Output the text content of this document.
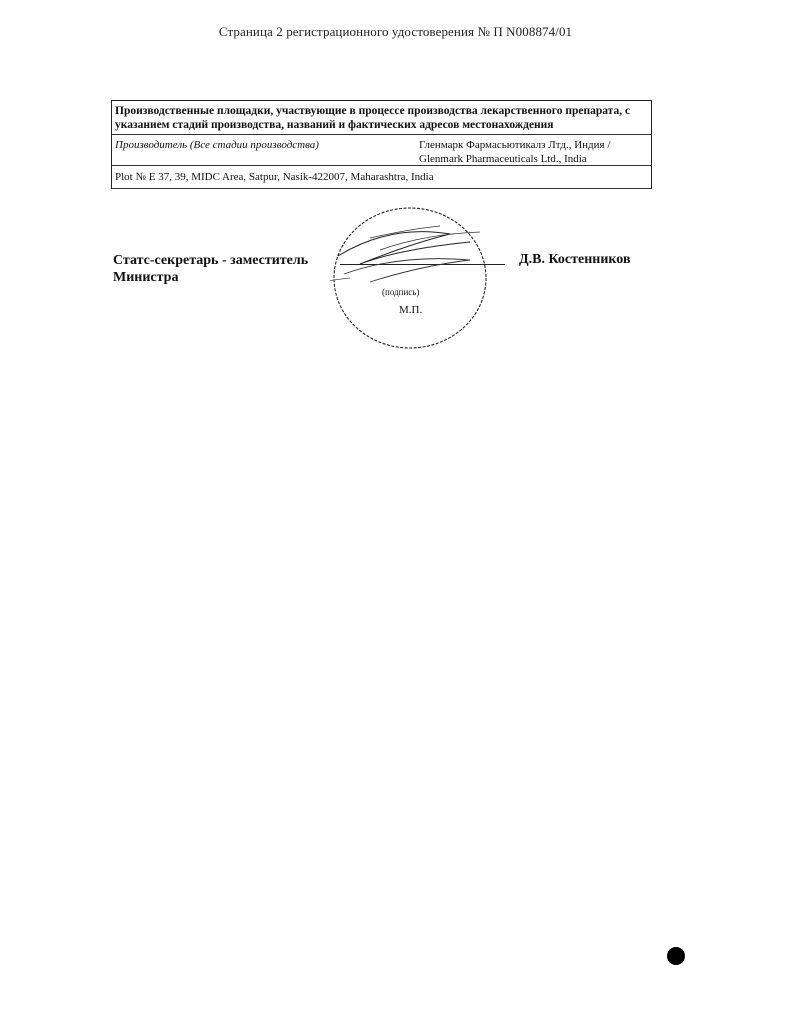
Страница 2 регистрационного удостоверения № П N008874/01
Производственные площадки, участвующие в процессе производства лекарственного препарата, с указанием стадий производства, названий и фактических адресов местонахождения
Производитель (Все стадии производства)	Гленмарк Фармасьютикалз Лтд., Индия /
Glenmark Pharmaceuticals Ltd., India
Plot № E 37, 39, MIDC Area, Satpur, Nasik-422007, Maharashtra, India
Статс-секретарь - заместитель
Министра
Д.В. Костенников
(подпись)
М.П.
